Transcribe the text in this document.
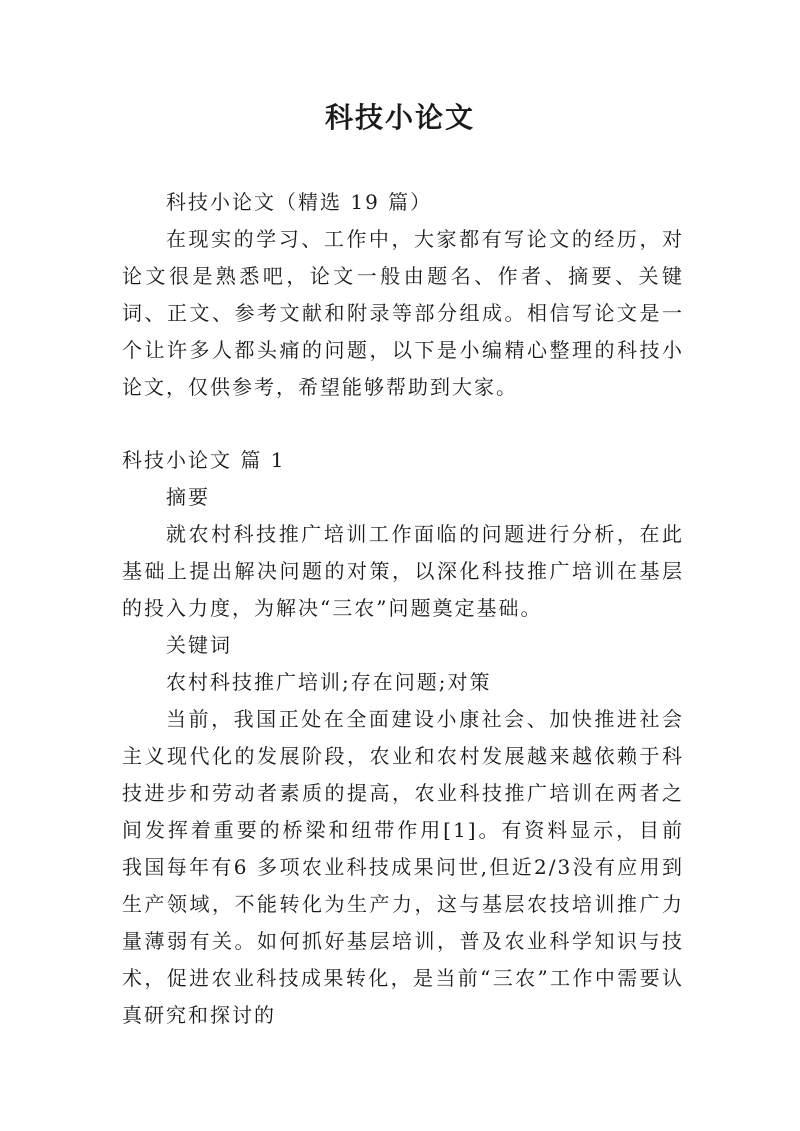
科技小论文

科技小论文（精选 19 篇）

在现实的学习、工作中，大家都有写论文的经历，对论文很是熟悉吧，论文一般由题名、作者、摘要、关键词、正文、参考文献和附录等部分组成。相信写论文是一个让许多人都头痛的问题，以下是小编精心整理的科技小论文，仅供参考，希望能够帮助到大家。

科技小论文 篇 1

摘要

就农村科技推广培训工作面临的问题进行分析，在此基础上提出解决问题的对策，以深化科技推广培训在基层的投入力度，为解决“三农”问题奠定基础。

关键词

农村科技推广培训;存在问题;对策

当前，我国正处在全面建设小康社会、加快推进社会主义现代化的发展阶段，农业和农村发展越来越依赖于科技进步和劳动者素质的提高，农业科技推广培训在两者之间发挥着重要的桥梁和纽带作用[1]。有资料显示，目前我国每年有6 多项农业科技成果问世,但近2/3没有应用到生产领域，不能转化为生产力，这与基层农技培训推广力量薄弱有关。如何抓好基层培训，普及农业科学知识与技术，促进农业科技成果转化，是当前“三农”工作中需要认真研究和探讨的
